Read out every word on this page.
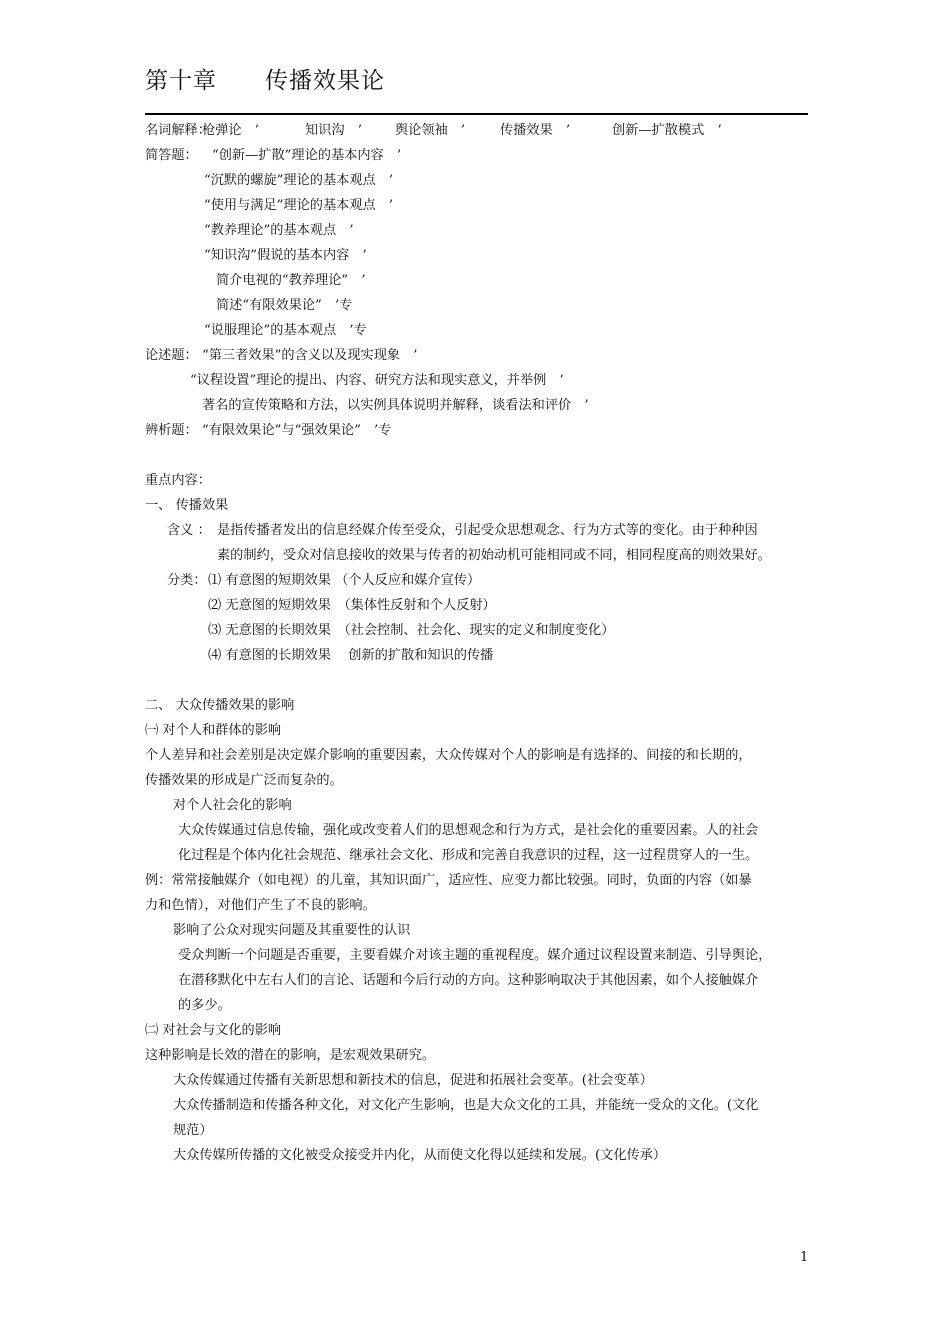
第十章　　传播效果论
名词解释：
枪弹论　’	知识沟　’	舆论领袖　’	传播效果　’	创新—扩散模式　’
简答题： “创新—扩散”理论的基本内容　’
“沉默的螺旋”理论的基本观点　’
“使用与满足”理论的基本观点　’
“教养理论”的基本观点　’
“知识沟”假说的基本内容　’
简介电视的“教养理论”　’
简述“有限效果论”　’专
“说服理论”的基本观点　’专
论述题： “第三者效果”的含义以及现实现象　’
“议程设置”理论的提出、内容、研究方法和现实意义，并举例　’
著名的宣传策略和方法，以实例具体说明并解释，谈看法和评价　’
辨析题： “有限效果论”与“强效果论”　’专
重点内容：
一、 传播效果
含义 ： 是指传播者发出的信息经媒介传至受众，引起受众思想观念、行为方式等的变化。由于种种因
素的制约，受众对信息接收的效果与传者的初始动机可能相同或不同，相同程度高的则效果好。
分类： ⑴ 有意图的短期效果 （个人反应和媒介宣传）
⑵ 无意图的短期效果　（集体性反射和个人反射）
⑶ 无意图的长期效果　（社会控制、社会化、现实的定义和制度变化）
⑷ 有意图的长期效果　 创新的扩散和知识的传播
二、 大众传播效果的影响
㈠ 对个人和群体的影响
个人差异和社会差别是决定媒介影响的重要因素，大众传媒对个人的影响是有选择的、间接的和长期的，
传播效果的形成是广泛而复杂的。
对个人社会化的影响
大众传媒通过信息传输，强化或改变着人们的思想观念和行为方式，是社会化的重要因素。人的社会
化过程是个体内化社会规范、继承社会文化、形成和完善自我意识的过程，这一过程贯穿人的一生。
例：常常接触媒介（如电视）的儿童，其知识面广，适应性、应变力都比较强。同时，负面的内容（如暴
力和色情），对他们产生了不良的影响。
影响了公众对现实问题及其重要性的认识
受众判断一个问题是否重要，主要看媒介对该主题的重视程度。媒介通过议程设置来制造、引导舆论，
在潜移默化中左右人们的言论、话题和今后行动的方向。这种影响取决于其他因素，如个人接触媒介
的多少。
㈡ 对社会与文化的影响
这种影响是长效的潜在的影响，是宏观效果研究。
大众传媒通过传播有关新思想和新技术的信息，促进和拓展社会变革。(社会变革）
大众传播制造和传播各种文化，对文化产生影响，也是大众文化的工具，并能统一受众的文化。(文化
规范）
大众传媒所传播的文化被受众接受并内化，从而使文化得以延续和发展。(文化传承）
1
